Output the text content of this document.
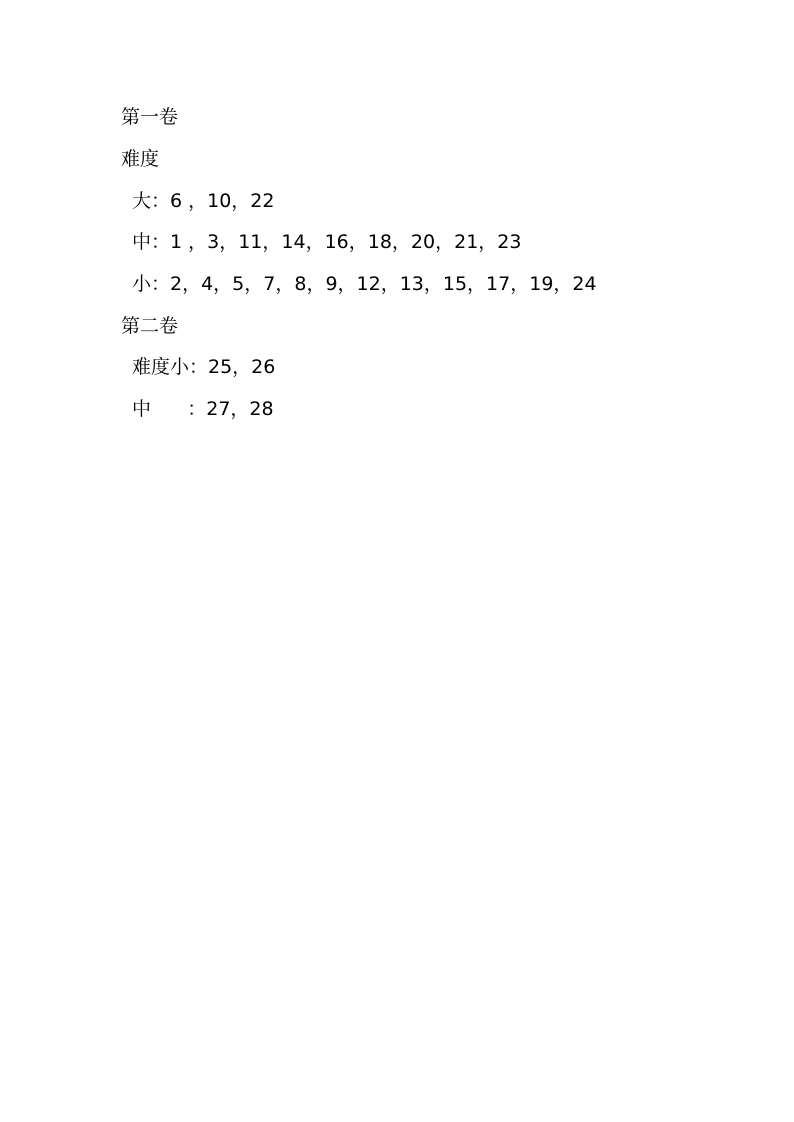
第一卷
难度
大：6 ，10，22
中：1 ，3，11，14，16，18，20，21，23
小：2，4，5，7，8，9，12，13，15，17，19，24
第二卷
难度小：25，26
中      ：27，28
